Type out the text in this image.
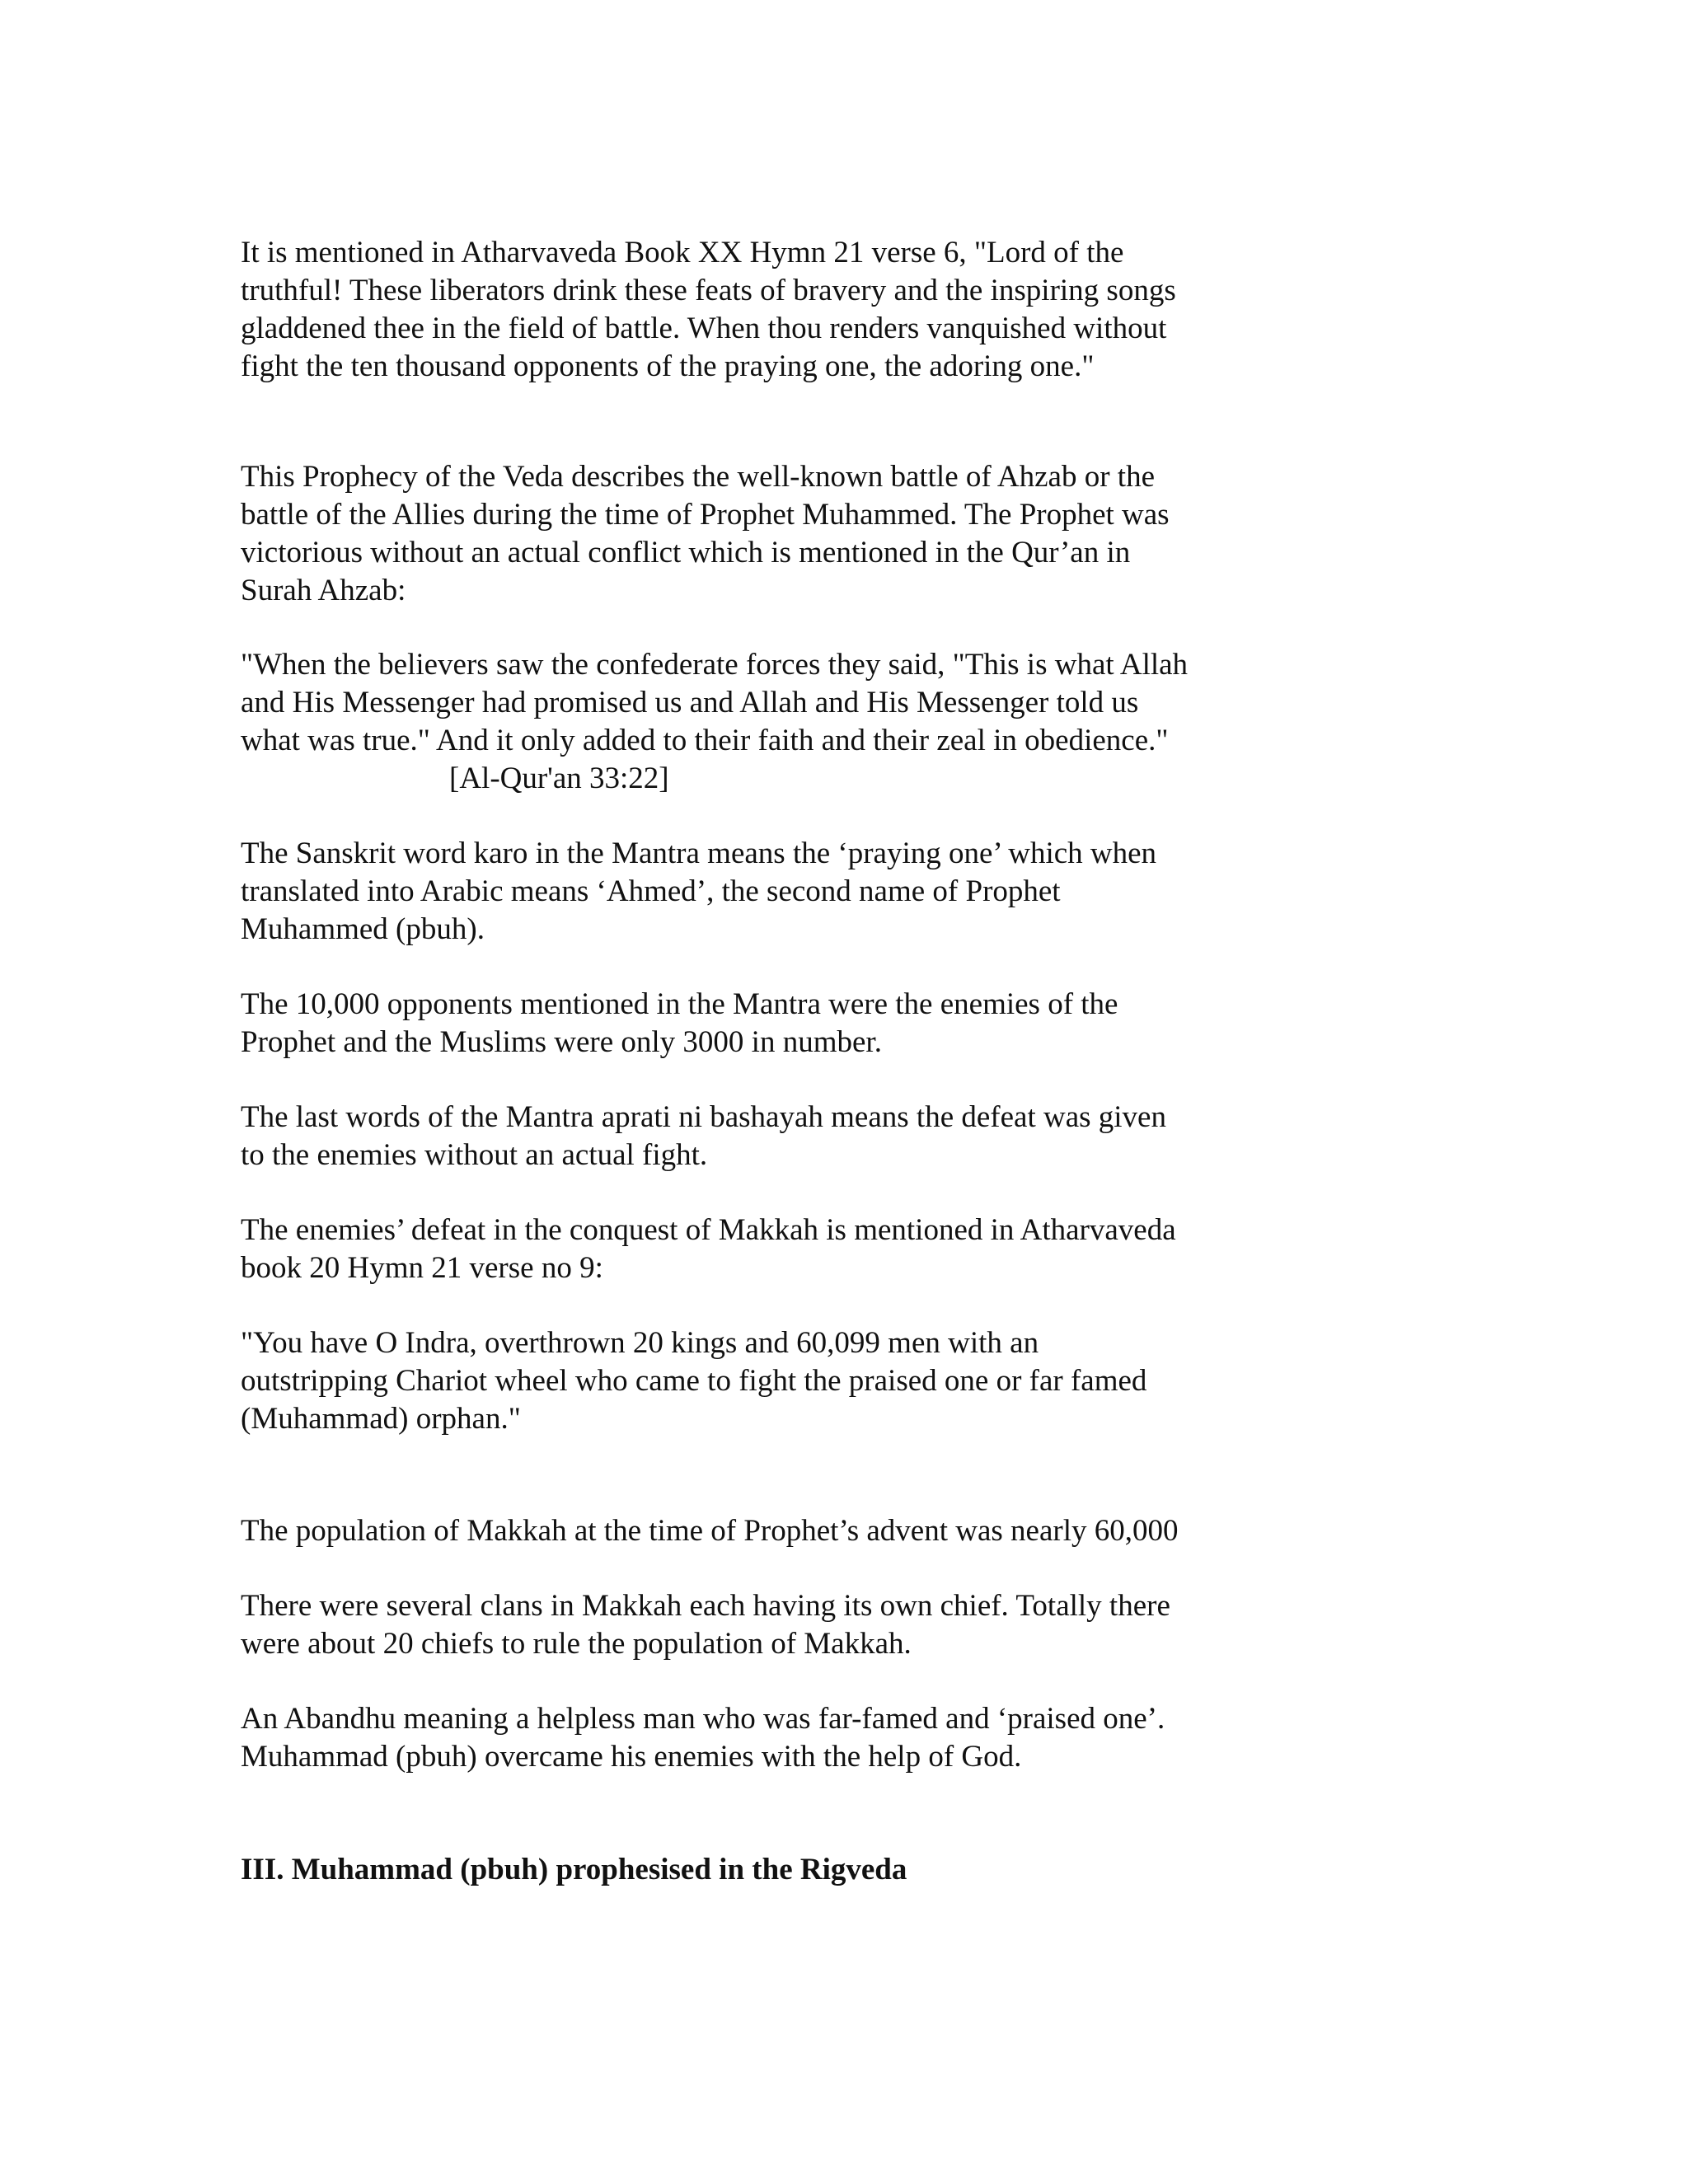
It is mentioned in Atharvaveda Book XX Hymn 21 verse 6, "Lord of the
truthful! These liberators drink these feats of bravery and the inspiring songs
gladdened thee in the field of battle. When thou renders vanquished without
fight the ten thousand opponents of the praying one, the adoring one."

This Prophecy of the Veda describes the well-known battle of Ahzab or the
battle of the Allies during the time of Prophet Muhammed. The Prophet was
victorious without an actual conflict which is mentioned in the Qur’an in
Surah Ahzab:

"When the believers saw the confederate forces they said, "This is what Allah
and His Messenger had promised us and Allah and His Messenger told us
what was true." And it only added to their faith and their zeal in obedience."

[Al-Qur'an 33:22]

The Sanskrit word karo in the Mantra means the ‘praying one’ which when
translated into Arabic means ‘Ahmed’, the second name of Prophet
Muhammed (pbuh).

The 10,000 opponents mentioned in the Mantra were the enemies of the
Prophet and the Muslims were only 3000 in number.

The last words of the Mantra aprati ni bashayah means the defeat was given
to the enemies without an actual fight.

The enemies’ defeat in the conquest of Makkah is mentioned in Atharvaveda
book 20 Hymn 21 verse no 9:

"You have O Indra, overthrown 20 kings and 60,099 men with an
outstripping Chariot wheel who came to fight the praised one or far famed
(Muhammad) orphan."

The population of Makkah at the time of Prophet’s advent was nearly 60,000

There were several clans in Makkah each having its own chief. Totally there
were about 20 chiefs to rule the population of Makkah.

An Abandhu meaning a helpless man who was far-famed and ‘praised one’.
Muhammad (pbuh) overcame his enemies with the help of God.

III. Muhammad (pbuh) prophesised in the Rigveda
